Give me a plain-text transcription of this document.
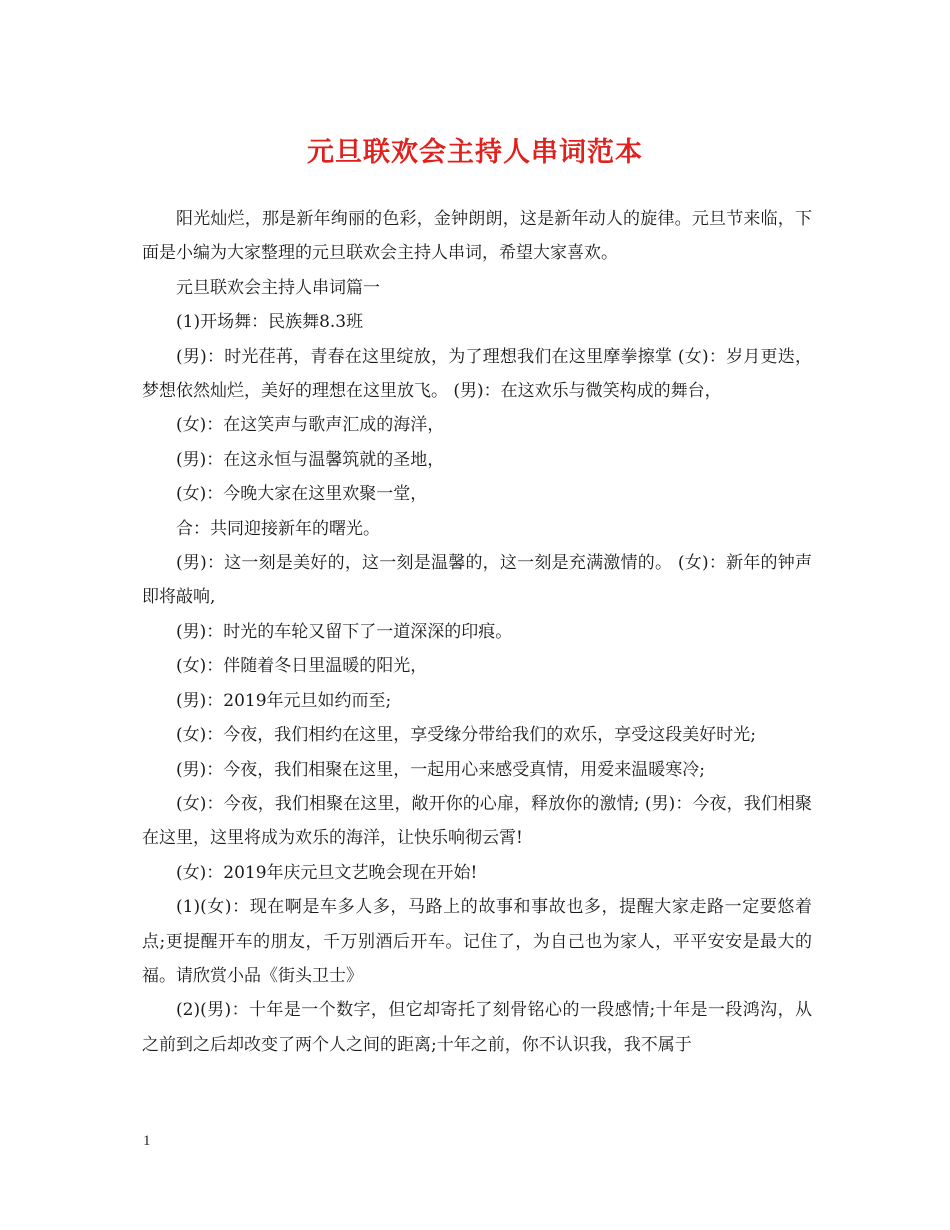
元旦联欢会主持人串词范本

阳光灿烂，那是新年绚丽的色彩，金钟朗朗，这是新年动人的旋律。元旦节来临，下面是小编为大家整理的元旦联欢会主持人串词，希望大家喜欢。

元旦联欢会主持人串词篇一

(1)开场舞：民族舞8.3班

(男)：时光荏苒，青春在这里绽放，为了理想我们在这里摩拳擦掌 (女)：岁月更迭，梦想依然灿烂，美好的理想在这里放飞。 (男)：在这欢乐与微笑构成的舞台，

(女)：在这笑声与歌声汇成的海洋，

(男)：在这永恒与温馨筑就的圣地，

(女)：今晚大家在这里欢聚一堂，

合：共同迎接新年的曙光。

(男)：这一刻是美好的，这一刻是温馨的，这一刻是充满激情的。 (女)：新年的钟声即将敲响,

(男)：时光的车轮又留下了一道深深的印痕。

(女)：伴随着冬日里温暖的阳光，

(男)：2019年元旦如约而至;

(女)：今夜，我们相约在这里，享受缘分带给我们的欢乐，享受这段美好时光;

(男)：今夜，我们相聚在这里，一起用心来感受真情，用爱来温暖寒冷;

(女)：今夜，我们相聚在这里，敞开你的心扉，释放你的激情; (男)：今夜，我们相聚在这里，这里将成为欢乐的海洋，让快乐响彻云霄!

(女)：2019年庆元旦文艺晚会现在开始!

(1)(女)：现在啊是车多人多，马路上的故事和事故也多，提醒大家走路一定要悠着点;更提醒开车的朋友，千万别酒后开车。记住了，为自己也为家人，平平安安是最大的福。请欣赏小品《街头卫士》

(2)(男)：十年是一个数字，但它却寄托了刻骨铭心的一段感情;十年是一段鸿沟，从之前到之后却改变了两个人之间的距离;十年之前，你不认识我，我不属于

1
